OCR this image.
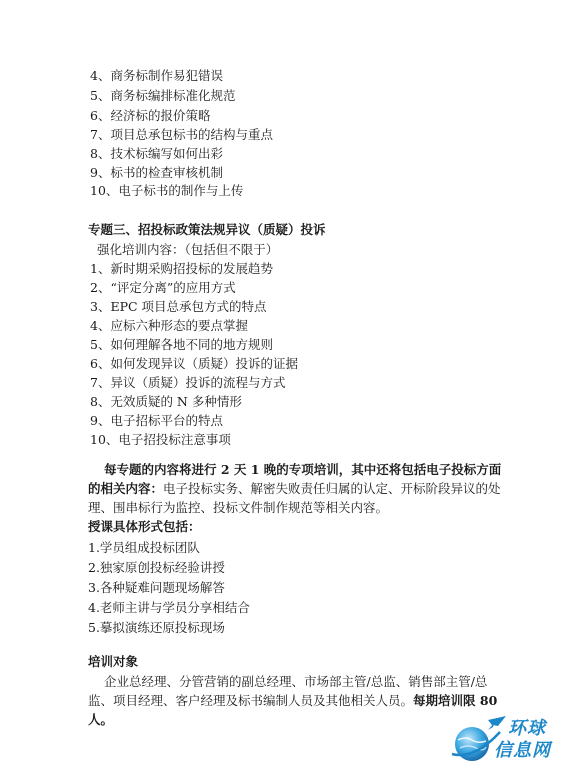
4、商务标制作易犯错误
5、商务标编排标准化规范
6、经济标的报价策略
7、项目总承包标书的结构与重点
8、技术标编写如何出彩
9、标书的检查审核机制
10、电子标书的制作与上传
专题三、招投标政策法规异议（质疑）投诉
强化培训内容：（包括但不限于）
1、新时期采购招投标的发展趋势
2、“评定分离”的应用方式
3、EPC 项目总承包方式的特点
4、应标六种形态的要点掌握
5、如何理解各地不同的地方规则
6、如何发现异议（质疑）投诉的证据
7、异议（质疑）投诉的流程与方式
8、无效质疑的 N 多种情形
9、电子招标平台的特点
10、电子招投标注意事项
每专题的内容将进行 2 天 1 晚的专项培训，其中还将包括电子投标方面的相关内容：电子投标实务、解密失败责任归属的认定、开标阶段异议的处理、围串标行为监控、投标文件制作规范等相关内容。
授课具体形式包括：
1.学员组成投标团队
2.独家原创投标经验讲授
3.各种疑难问题现场解答
4.老师主讲与学员分享相结合
5.摹拟演练还原投标现场
培训对象
企业总经理、分管营销的副总经理、市场部主管/总监、销售部主管/总监、项目经理、客户经理及标书编制人员及其他相关人员。每期培训限 80 人。	环球
信息网
